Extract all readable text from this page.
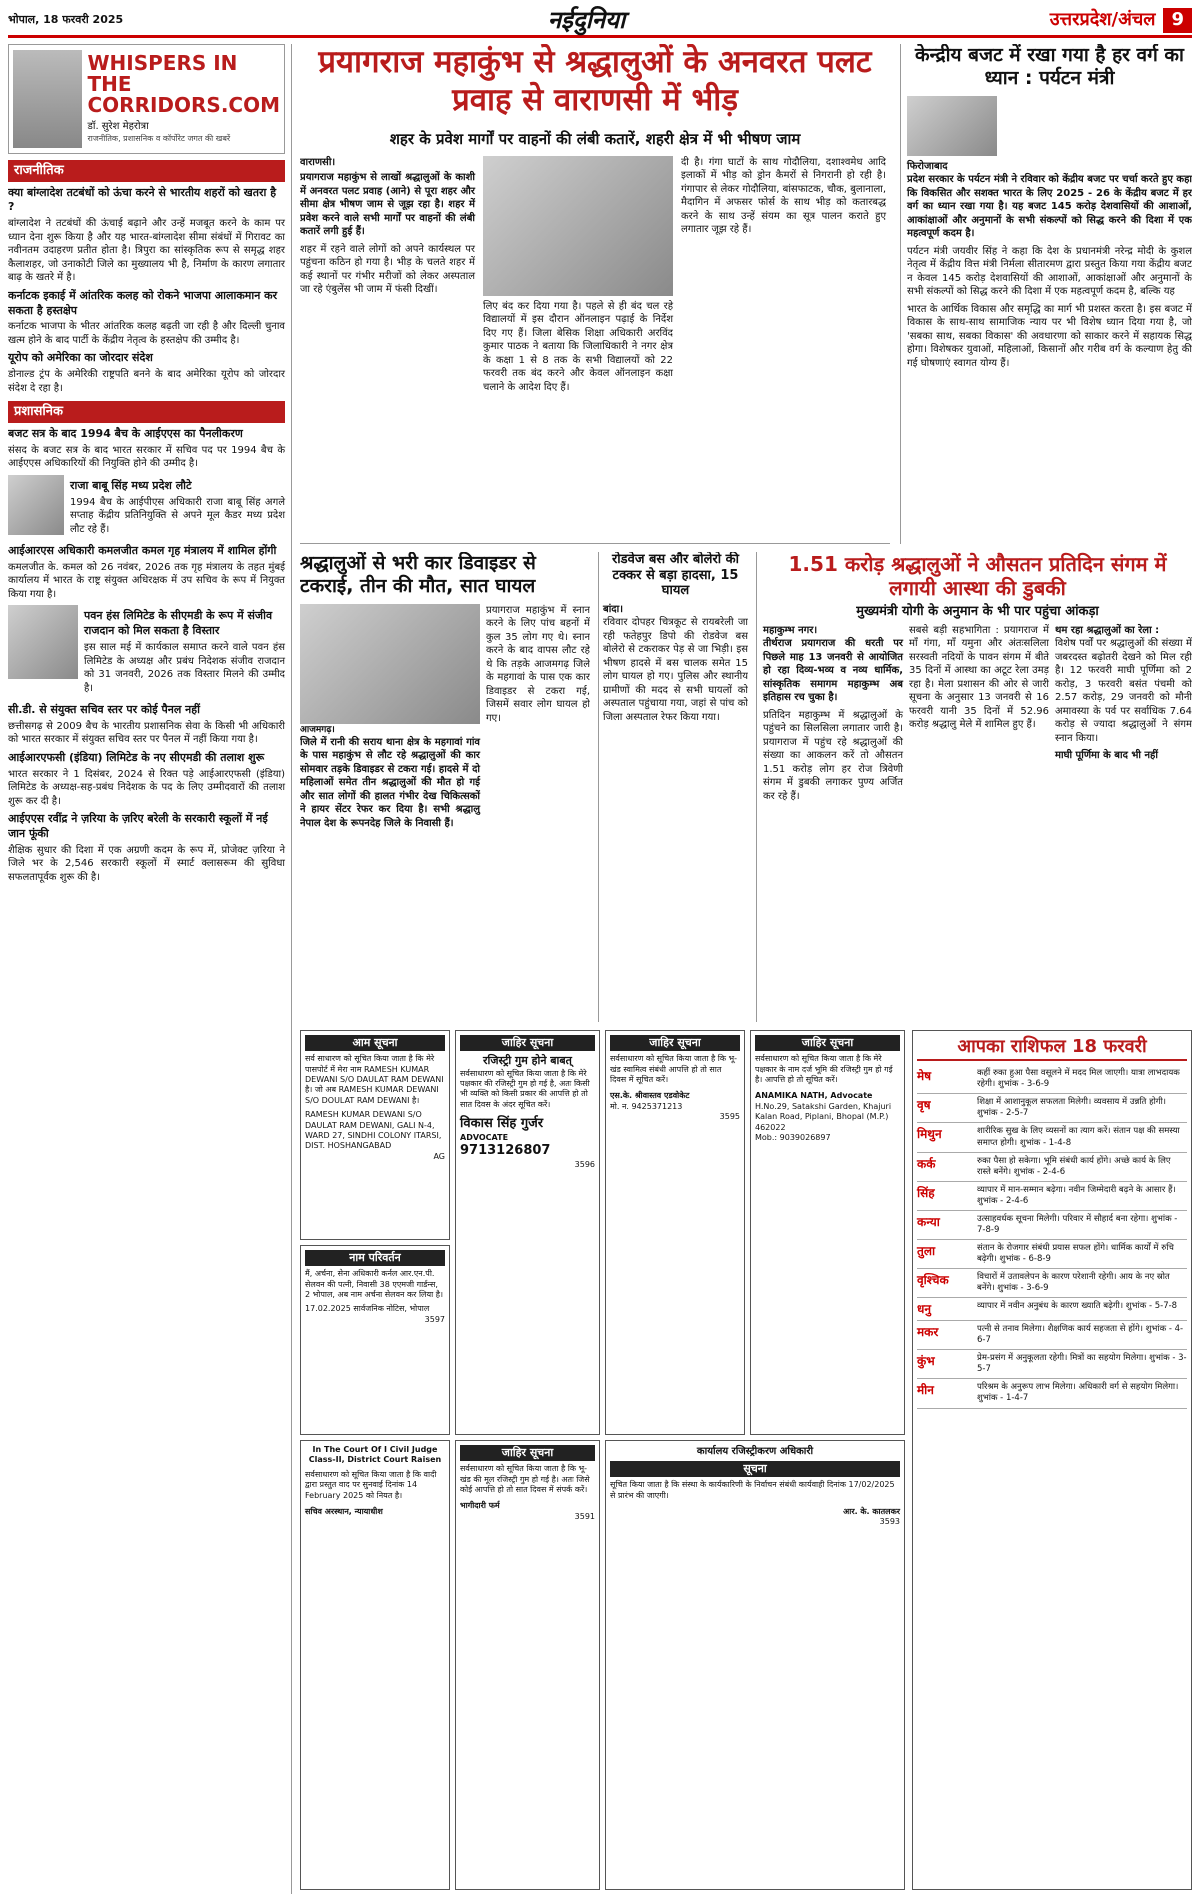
भोपाल, 18 फरवरी 2025	नईदुनिया	उत्तरप्रदेश/अंचल 9
WHISPERS IN THE CORRIDORS.COM
डॉ. सुरेश मेहरोत्रा
राजनीतिक, प्रशासनिक व कॉर्पोरेट जगत की खबरें
राजनीतिक
क्या बांग्लादेश तटबंधों को ऊंचा करने से भारतीय शहरों को खतरा है ?
बांग्लादेश ने तटबंधों की ऊंचाई बढ़ाने और उन्हें मजबूत करने के काम पर ध्यान देना शुरू किया है और यह भारत-बांग्लादेश सीमा संबंधों में गिरावट का नवीनतम उदाहरण प्रतीत होता है। त्रिपुरा का सांस्कृतिक रूप से समृद्ध शहर कैलाशहर, जो उनाकोटी जिले का मुख्यालय भी है, निर्माण के कारण लगातार बाढ़ के खतरे में है।
कर्नाटक इकाई में आंतरिक कलह को रोकने भाजपा आलाकमान कर सकता है हस्तक्षेप
कर्नाटक भाजपा के भीतर आंतरिक कलह बढ़ती जा रही है और दिल्ली चुनाव खत्म होने के बाद पार्टी के केंद्रीय नेतृत्व के हस्तक्षेप की उम्मीद है।
यूरोप को अमेरिका का जोरदार संदेश
डोनाल्ड ट्रंप के अमेरिकी राष्ट्रपति बनने के बाद अमेरिका यूरोप को जोरदार संदेश दे रहा है।
प्रशासनिक
बजट सत्र के बाद 1994 बैच के आईएएस का पैनलीकरण
संसद के बजट सत्र के बाद भारत सरकार में सचिव पद पर 1994 बैच के आईएएस अधिकारियों की नियुक्ति होने की उम्मीद है।
राजा बाबू सिंह मध्य प्रदेश लौटे
1994 बैच के आईपीएस अधिकारी राजा बाबू सिंह अगले सप्ताह केंद्रीय प्रतिनियुक्ति से अपने मूल कैडर मध्य प्रदेश लौट रहे हैं।
आईआरएस अधिकारी कमलजीत कमल गृह मंत्रालय में शामिल होंगी
कमलजीत के. कमल को 26 नवंबर, 2026 तक गृह मंत्रालय के तहत मुंबई कार्यालय में भारत के राष्ट्र संयुक्त अधिरक्षक में उप सचिव के रूप में नियुक्त किया गया है।
पवन हंस लिमिटेड के सीएमडी के रूप में संजीव राजदान को मिल सकता है विस्तार
इस साल मई में कार्यकाल समाप्त करने वाले पवन हंस लिमिटेड के अध्यक्ष और प्रबंध निदेशक संजीव राजदान को 31 जनवरी, 2026 तक विस्तार मिलने की उम्मीद है।
सी.डी. से संयुक्त सचिव स्तर पर कोई पैनल नहीं
छत्तीसगढ़ से 2009 बैच के भारतीय प्रशासनिक सेवा के किसी भी अधिकारी को भारत सरकार में संयुक्त सचिव स्तर पर पैनल में नहीं किया गया है।
आईआरएफसी (इंडिया) लिमिटेड के नए सीएमडी की तलाश शुरू
भारत सरकार ने 1 दिसंबर, 2024 से रिक्त पड़े आईआरएफसी (इंडिया) लिमिटेड के अध्यक्ष-सह-प्रबंध निदेशक के पद के लिए उम्मीदवारों की तलाश शुरू कर दी है।
आईएएस रवींद्र ने ज़रिया के ज़रिए बरेली के सरकारी स्कूलों में नई जान फूंकी
शैक्षिक सुधार की दिशा में एक अग्रणी कदम के रूप में, प्रोजेक्ट ज़रिया ने जिले भर के 2,546 सरकारी स्कूलों में स्मार्ट क्लासरूम की सुविधा सफलतापूर्वक शुरू की है।
प्रयागराज महाकुंभ से श्रद्धालुओं के अनवरत पलट प्रवाह से वाराणसी में भीड़
शहर के प्रवेश मार्गों पर वाहनों की लंबी कतारें, शहरी क्षेत्र में भी भीषण जाम
वाराणसी।
प्रयागराज महाकुंभ से लाखों श्रद्धालुओं के काशी में अनवरत पलट प्रवाह (आने) से पूरा शहर और सीमा क्षेत्र भीषण जाम से जूझ रहा है। शहर में प्रवेश करने वाले सभी मार्गों पर वाहनों की लंबी कतारें लगी हुई हैं।
शहर में रहने वाले लोगों को अपने कार्यस्थल पर पहुंचना कठिन हो गया है। भीड़ के चलते शहर में कई स्थानों पर गंभीर मरीजों को लेकर अस्पताल जा रहे एंबुलेंस भी जाम में फंसी दिखीं।
लिए बंद कर दिया गया है। पहले से ही बंद चल रहे विद्यालयों में इस दौरान ऑनलाइन पढ़ाई के निर्देश दिए गए हैं। जिला बेसिक शिक्षा अधिकारी अरविंद कुमार पाठक ने बताया कि जिलाधिकारी ने नगर क्षेत्र के कक्षा 1 से 8 तक के सभी विद्यालयों को 22 फरवरी तक बंद करने और केवल ऑनलाइन कक्षा चलाने के आदेश दिए हैं।
दी है। गंगा घाटों के साथ गोदौलिया, दशाश्वमेध आदि इलाकों में भीड़ को ड्रोन कैमरों से निगरानी हो रही है। गंगापार से लेकर गोदौलिया, बांसफाटक, चौक, बुलानाला, मैदागिन में अफसर फोर्स के साथ भीड़ को कतारबद्ध करने के साथ उन्हें संयम का सूत्र पालन कराते हुए लगातार जूझ रहे हैं।
केन्द्रीय बजट में रखा गया है हर वर्ग का ध्यान : पर्यटन मंत्री
फिरोजाबाद
प्रदेश सरकार के पर्यटन मंत्री ने रविवार को केंद्रीय बजट पर चर्चा करते हुए कहा कि विकसित और सशक्त भारत के लिए 2025 - 26 के केंद्रीय बजट में हर वर्ग का ध्यान रखा गया है। यह बजट 145 करोड़ देशवासियों की आशाओं, आकांक्षाओं और अनुमानों के सभी संकल्पों को सिद्ध करने की दिशा में एक महत्वपूर्ण कदम है।
पर्यटन मंत्री जयवीर सिंह ने कहा कि देश के प्रधानमंत्री नरेन्द्र मोदी के कुशल नेतृत्व में केंद्रीय वित्त मंत्री निर्मला सीतारमण द्वारा प्रस्तुत किया गया केंद्रीय बजट न केवल 145 करोड़ देशवासियों की आशाओं, आकांक्षाओं और अनुमानों के सभी संकल्पों को सिद्ध करने की दिशा में एक महत्वपूर्ण कदम है, बल्कि यह
भारत के आर्थिक विकास और समृद्धि का मार्ग भी प्रशस्त करता है। इस बजट में विकास के साथ-साथ सामाजिक न्याय पर भी विशेष ध्यान दिया गया है, जो 'सबका साथ, सबका विकास' की अवधारणा को साकार करने में सहायक सिद्ध होगा। विशेषकर युवाओं, महिलाओं, किसानों और गरीब वर्ग के कल्याण हेतु की गई घोषणाएं स्वागत योग्य हैं।
श्रद्धालुओं से भरी कार डिवाइडर से टकराई, तीन की मौत, सात घायल
आजमगढ़।
जिले में रानी की सराय थाना क्षेत्र के महगावां गांव के पास महाकुंभ से लौट रहे श्रद्धालुओं की कार सोमवार तड़के डिवाइडर से टकरा गई। हादसे में दो महिलाओं समेत तीन श्रद्धालुओं की मौत हो गई और सात लोगों की हालत गंभीर देख चिकित्सकों ने हायर सेंटर रेफर कर दिया है। सभी श्रद्धालु नेपाल देश के रूपनदेह जिले के निवासी हैं।
प्रयागराज महाकुंभ में स्नान करने के लिए पांच बहनों में कुल 35 लोग गए थे। स्नान करने के बाद वापस लौट रहे थे कि तड़के आजमगढ़ जिले के महगावां के पास एक कार डिवाइडर से टकरा गई, जिसमें सवार लोग घायल हो गए।
रोडवेज बस और बोलेरो की टक्कर से बड़ा हादसा, 15 घायल
बांदा।
रविवार दोपहर चित्रकूट से रायबरेली जा रही फतेहपुर डिपो की रोडवेज बस बोलेरो से टकराकर पेड़ से जा भिड़ी। इस भीषण हादसे में बस चालक समेत 15 लोग घायल हो गए। पुलिस और स्थानीय ग्रामीणों की मदद से सभी घायलों को अस्पताल पहुंचाया गया, जहां से पांच को जिला अस्पताल रेफर किया गया।
1.51 करोड़ श्रद्धालुओं ने औसतन प्रतिदिन संगम में लगायी आस्था की डुबकी
मुख्यमंत्री योगी के अनुमान के भी पार पहुंचा आंकड़ा
महाकुम्भ नगर।
तीर्थराज प्रयागराज की धरती पर पिछले माह 13 जनवरी से आयोजित हो रहा दिव्य-भव्य व नव्य धार्मिक, सांस्कृतिक समागम महाकुम्भ अब इतिहास रच चुका है।
प्रतिदिन महाकुम्भ में श्रद्धालुओं के पहुंचने का सिलसिला लगातार जारी है। प्रयागराज में पहुंच रहे श्रद्धालुओं की संख्या का आकलन करें तो औसतन 1.51 करोड़ लोग हर रोज त्रिवेणी संगम में डुबकी लगाकर पुण्य अर्जित कर रहे हैं।
सबसे बड़ी सहभागिता : प्रयागराज में माँ गंगा, माँ यमुना और अंतःसलिला सरस्वती नदियों के पावन संगम में बीते 35 दिनों में आस्था का अटूट रेला उमड़ रहा है। मेला प्रशासन की ओर से जारी सूचना के अनुसार 13 जनवरी से 16 फरवरी यानी 35 दिनों में 52.96 करोड़ श्रद्धालु मेले में शामिल हुए हैं।
थम रहा श्रद्धालुओं का रेला :
विशेष पर्वों पर श्रद्धालुओं की संख्या में जबरदस्त बढ़ोतरी देखने को मिल रही है। 12 फरवरी माघी पूर्णिमा को 2 करोड़, 3 फरवरी बसंत पंचमी को 2.57 करोड़, 29 जनवरी को मौनी अमावस्या के पर्व पर सर्वाधिक 7.64 करोड़ से ज्यादा श्रद्धालुओं ने संगम स्नान किया।
माघी पूर्णिमा के बाद भी नहीं
आम सूचना
सर्व साधारण को सूचित किया जाता है कि मेरे पासपोर्ट में मेरा नाम RAMESH KUMAR DEWANI S/O DAULAT RAM DEWANI है। जो अब RAMESH KUMAR DEWANI S/O DOULAT RAM DEWANI है।
RAMESH KUMAR DEWANI S/O DAULAT RAM DEWANI, GALI N-4, WARD 27, SINDHI COLONY ITARSI, DIST. HOSHANGABAD
AG
नाम परिवर्तन
मैं, अर्चना, सेना अधिकारी कर्नल आर.एन.पी. सेलवन की पत्नी, निवासी 38 एएमजी गार्डन्स, 2 भोपाल, अब नाम अर्चना सेलवन कर लिया है।
17.02.2025 सार्वजनिक नोटिस, भोपाल
3597
जाहिर सूचना
रजिस्ट्री गुम होने बाबत्
सर्वसाधारण को सूचित किया जाता है कि मेरे पक्षकार की रजिस्ट्री गुम हो गई है, अतः किसी भी व्यक्ति को किसी प्रकार की आपत्ति हो तो सात दिवस के अंदर सूचित करें।
विकास सिंह गुर्जर
ADVOCATE
9713126807
3596
जाहिर सूचना
सर्वसाधारण को सूचित किया जाता है कि भू-खंड स्वामित्व संबंधी आपत्ति हो तो सात दिवस में सूचित करें।
एस.के. श्रीवास्तव एडवोकेट
मो. न. 9425371213
3595
जाहिर सूचना
सर्वसाधारण को सूचित किया जाता है कि मेरे पक्षकार के नाम दर्ज भूमि की रजिस्ट्री गुम हो गई है। आपत्ति हो तो सूचित करें।
ANAMIKA NATH, Advocate
H.No.29, Satakshi Garden, Khajuri Kalan Road, Piplani, Bhopal (M.P.) 462022
Mob.: 9039026897
In The Court Of I Civil Judge Class-II, District Court Raisen
सर्वसाधारण को सूचित किया जाता है कि वादी द्वारा प्रस्तुत वाद पर सुनवाई दिनांक 14 February 2025 को नियत है।
सचिव अरस्थान, न्यायाधीश
जाहिर सूचना
सर्वसाधारण को सूचित किया जाता है कि भू-खंड की मूल रजिस्ट्री गुम हो गई है। अतः जिसे कोई आपत्ति हो तो सात दिवस में संपर्क करें।
भागीदारी फर्म
3591
कार्यालय रजिस्ट्रीकरण अधिकारी
सूचना
सूचित किया जाता है कि संस्था के कार्यकारिणी के निर्वाचन संबंधी कार्यवाही दिनांक 17/02/2025 से प्रारंभ की जाएगी।
आर. के. कातलकर
3593
आपका राशिफल 18 फरवरी
मेष	कहीं रुका हुआ पैसा वसूलने में मदद मिल जाएगी। यात्रा लाभदायक रहेगी। शुभांक - 3-6-9
वृष	शिक्षा में आशानुकूल सफलता मिलेगी। व्यवसाय में उन्नति होगी। शुभांक - 2-5-7
मिथुन	शारीरिक सुख के लिए व्यसनों का त्याग करें। संतान पक्ष की समस्या समाप्त होगी। शुभांक - 1-4-8
कर्क	रुका पैसा हो सकेगा। भूमि संबंधी कार्य होंगे। अच्छे कार्य के लिए रास्ते बनेंगे। शुभांक - 2-4-6
सिंह	व्यापार में मान-सम्मान बढ़ेगा। नवीन जिम्मेदारी बढ़ने के आसार हैं। शुभांक - 2-4-6
कन्या	उत्साहवर्धक सूचना मिलेगी। परिवार में सौहार्द बना रहेगा। शुभांक - 7-8-9
तुला	संतान के रोजगार संबंधी प्रयास सफल होंगे। धार्मिक कार्यों में रुचि बढ़ेगी। शुभांक - 6-8-9
वृश्चिक	विचारों में उतावलेपन के कारण परेशानी रहेगी। आय के नए स्रोत बनेंगे। शुभांक - 3-6-9
धनु	व्यापार में नवीन अनुबंध के कारण ख्याति बढ़ेगी। शुभांक - 5-7-8
मकर	पत्नी से तनाव मिलेगा। शैक्षणिक कार्य सहजता से होंगे। शुभांक - 4-6-7
कुंभ	प्रेम-प्रसंग में अनुकूलता रहेगी। मित्रों का सहयोग मिलेगा। शुभांक - 3-5-7
मीन	परिश्रम के अनुरूप लाभ मिलेगा। अधिकारी वर्ग से सहयोग मिलेगा। शुभांक - 1-4-7
